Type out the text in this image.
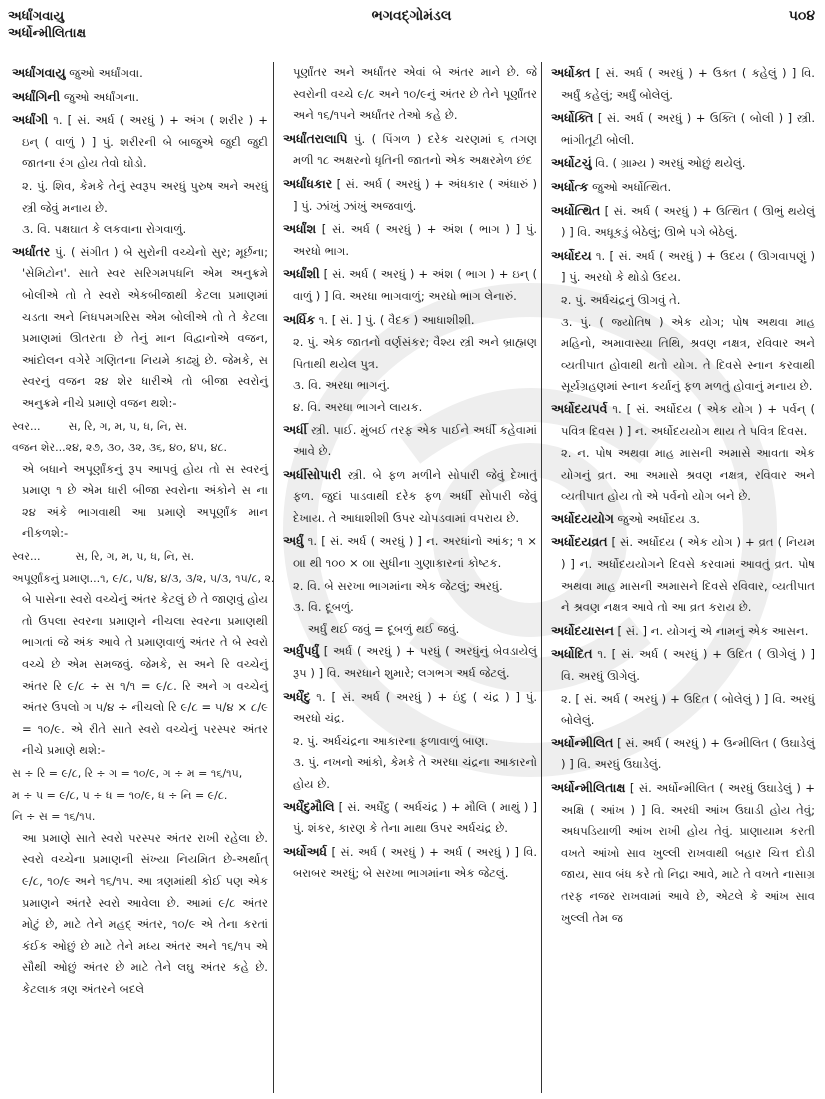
અર્ધાંગવાયુ
અર્ધોન્મીલિતાક્ષ
ભગવદ્ગોમંડલ	૫૦૪

અર્ધાંગવાયુ જુઓ અર્ધાંગવા.

અર્ધાંગિની જુઓ અર્ધાંગના.

અર્ધાંગી ૧. [ સં. અર્ધ ( અરધું ) + અંગ ( શરીર ) + ઇન્ ( વાળું ) ] પું. શરીરની બે બાજુએ જુદી જુદી જાતના રંગ હોય તેવો ઘોડો.

૨. પું. શિવ, કેમકે તેનું સ્વરૂપ અરધું પુરુષ અને અરધું સ્ત્રી જેવું મનાય છે.

૩. વિ. પક્ષઘાત કે લકવાના રોગવાળું.

અર્ધાંતર પું. ( સંગીત ) બે સુરોની વચ્ચેનો સુર; મૂર્છના; 'સેમિટોન'. સાતે સ્વર સરિગમપધનિ એમ અનુક્રમે બોલીએ તો તે સ્વરો એકબીજાથી કેટલા પ્રમાણમાં ચડતા અને નિધપમગરિસ એમ બોલીએ તો તે કેટલા પ્રમાણમાં ઊતરતા છે તેનું માન વિદ્વાનોએ વજન, આંદોલન વગેરે ગણિતના નિયમે કાઢ્યું છે. જેમકે, સ સ્વરનું વજન ૨૪ શેર ધારીએ તો બીજા સ્વરોનું અનુક્રમે નીચે પ્રમાણે વજન થશે:-

સ્વર...        સ, રિ, ગ, મ, પ, ધ, નિ, સ.

વજન શેર...૨૪, ૨૭, ૩૦, ૩૨, ૩૬, ૪૦, ૪૫, ૪૮.

એ બધાને અપૂર્ણાંકનું રૂપ આપવું હોય તો સ સ્વરનું પ્રમાણ ૧ છે એમ ધારી બીજા સ્વરોના અંકોને સ ના ૨૪ અંકે ભાગવાથી આ પ્રમાણે અપૂર્ણાંક માન નીકળશે:-

સ્વર...          સ, રિ, ગ, મ, પ, ધ, નિ, સ.

અપૂર્ણાંકનું પ્રમાણ...૧, ૯/૮, ૫/૪, ૪/૩, ૩/૨, ૫/૩, ૧૫/૮, ૨.

બે પાસેના સ્વરો વચ્ચેનું અંતર કેટલું છે તે જાણવું હોય તો ઉપલા સ્વરના પ્રમાણને નીચલા સ્વરના પ્રમાણથી ભાગતાં જે અંક આવે તે પ્રમાણવાળું અંતર તે બે સ્વરો વચ્ચે છે એમ સમજવું. જેમકે, સ અને રિ વચ્ચેનું અંતર રિ ૯/૮ ÷ સ ૧/૧ = ૯/૮. રિ અને ગ વચ્ચેનું અંતર ઉપલો ગ ૫/૪ ÷ નીચલો રિ ૯/૮ = ૫/૪ × ૮/૯ = ૧૦/૯. એ રીતે સાતે સ્વરો વચ્ચેનું પરસ્પર અંતર નીચે પ્રમાણે થશે:-

સ ÷ રિ = ૯/૮, રિ ÷ ગ = ૧૦/૯, ગ ÷ મ = ૧૬/૧૫,

મ ÷ પ = ૯/૮, પ ÷ ધ = ૧૦/૯, ધ ÷ નિ = ૯/૮.

નિ ÷ સ = ૧૬/૧૫.

આ પ્રમાણે સાતે સ્વરો પરસ્પર અંતર રાખી રહેલા છે. સ્વરો વચ્ચેના પ્રમાણની સંખ્યા નિયમિત છે-અર્થાત્ ૯/૮, ૧૦/૯ અને ૧૬/૧૫. આ ત્રણમાંથી કોઈ પણ એક પ્રમાણને અંતરે સ્વરો આવેલા છે. આમાં ૯/૮ અંતર મોટું છે, માટે તેને મહદ્ અંતર, ૧૦/૯ એ તેના કરતાં કંઈક ઓછું છે માટે તેને મધ્ય અંતર અને ૧૬/૧૫ એ સૌથી ઓછું અંતર છે માટે તેને લઘુ અંતર કહે છે. કેટલાક ત્રણ અંતરને બદલે

પૂર્ણાંતર અને અર્ધાંતર એવાં બે અંતર માને છે. જે સ્વરોની વચ્ચે ૯/૮ અને ૧૦/૯નું અંતર છે તેને પૂર્ણાંતર અને ૧૬/૧૫ને અર્ધાંતર તેઓ કહે છે.

અર્ધાંતરાલાપિ પું. ( પિંગળ ) દરેક ચરણમાં ૬ તગણ મળી ૧૮ અક્ષરનો ધૃતિની જાતનો એક અક્ષરમેળ છંદ

અર્ધાંધકાર [ સં. અર્ધ ( અરધું ) + અંધકાર ( અંધારું ) ] પું. ઝાંખું ઝાંખું અજવાળું.

અર્ધાંશ [ સં. અર્ધ ( અરધું ) + અંશ ( ભાગ ) ] પું. અરધો ભાગ.

અર્ધાંશી [ સં. અર્ધ ( અરધું ) + અંશ ( ભાગ ) + ઇન્ ( વાળું ) ] વિ. અરધા ભાગવાળું; અરધો ભાગ લેનારું.

અર્ધિક ૧. [ સં. ] પું. ( વૈદક ) આધાશીશી.

૨. પું. એક જાતનો વર્ણસંકર; વૈશ્ય સ્ત્રી અને બ્રાહ્મણ પિતાથી થયેલ પુત્ર.

૩. વિ. અરધા ભાગનું.

૪. વિ. અરધા ભાગને લાયક.

અર્ધી સ્ત્રી. પાઈ. મુંબઈ તરફ એક પાઈને અર્ધી કહેવામાં આવે છે.

અર્ધીસોપારી સ્ત્રી. બે ફળ મળીને સોપારી જેવું દેખાતું ફળ. જુદાં પાડવાથી દરેક ફળ અર્ધી સોપારી જેવું દેખાય. તે આધાશીશી ઉપર ચોપડવામાં વપરાય છે.

અર્ધું ૧. [ સં. અર્ધ ( અરધું ) ] ન. અરધાંનો આંક; ૧ × ૦॥ થી ૧૦૦ × ૦॥ સુધીના ગુણાકારનાં કોષ્ટક.

૨. વિ. બે સરખા ભાગમાંના એક જેટલું; અરધું.

૩. વિ. દૂબળું.

અર્ધું થઈ જવું = દૂબળું થઈ જવું.

અર્ધુંપર્ધું [ અર્ધ ( અરધું ) + પરધું ( અરધુંનું બેવડાયેલું રૂપ ) ] વિ. અરધાને શુમારે; લગભગ અર્ધ જેટલું.

અર્ધેંદુ ૧. [ સં. અર્ધ ( અરધું ) + ઇંદુ ( ચંદ્ર ) ] પું. અરધો ચંદ્ર.

૨. પું. અર્ધચંદ્રના આકારના ફળાવાળું બાણ.

૩. પું. નખનો આંકો, કેમકે તે અરધા ચંદ્રના આકારનો હોય છે.

અર્ધેંદુમૌલિ [ સં. અર્ધેંદુ ( અર્ધચંદ્ર ) + મૌલિ ( માથું ) ] પું. શંકર, કારણ કે તેના માથા ઉપર અર્ધચંદ્ર છે.

અર્ધોઅર્ધ [ સં. અર્ધ ( અરધું ) + અર્ધ ( અરધું ) ] વિ. બરાબર અરધું; બે સરખા ભાગમાંના એક જેટલું.

અર્ધોક્ત [ સં. અર્ધ ( અરધું ) + ઉક્ત ( કહેલું ) ] વિ. અર્ધું કહેલું; અર્ધું બોલેલું.

અર્ધોક્તિ [ સં. અર્ધ ( અરધું ) + ઉક્તિ ( બોલી ) ] સ્ત્રી. ભાંગીતૂટી બોલી.

અર્ધોટચું વિ. ( ગ્રામ્ય ) અરધું ઓછું થયેલું.

અર્ધોત્ક જુઓ અર્ધોત્થિત.

અર્ધોત્થિત [ સં. અર્ધ ( અરધું ) + ઉત્થિત ( ઊભું થયેલું ) ] વિ. અધૂકડું બેઠેલું; ઊભે પગે બેઠેલું.

અર્ધોદય ૧. [ સં. અર્ધ ( અરધું ) + ઉદય ( ઊગવાપણું ) ] પું. અરધો કે થોડો ઉદય.

૨. પું. અર્ધચંદ્રનું ઊગવું તે.

૩. પું. ( જ્યોતિષ ) એક યોગ; પોષ અથવા માહ મહિનો, અમાવાસ્યા તિથિ, શ્રવણ નક્ષત્ર, રવિવાર અને વ્યતીપાત હોવાથી થતો યોગ. તે દિવસે સ્નાન કરવાથી સૂર્યગ્રહણમાં સ્નાન કર્યાનું ફળ મળતું હોવાનું મનાય છે.

અર્ધોદયપર્વ ૧. [ સં. અર્ધોદય ( એક યોગ ) + પર્વન્ ( પવિત્ર દિવસ ) ] ન. અર્ધોદયયોગ થાય તે પવિત્ર દિવસ.

૨. ન. પોષ અથવા માહ માસની અમાસે આવતા એક યોગનું વ્રત. આ અમાસે શ્રવણ નક્ષત્ર, રવિવાર અને વ્યતીપાત હોય તો એ પર્વનો યોગ બને છે.

અર્ધોદયયોગ જુઓ અર્ધોદય ૩.

અર્ધોદયવ્રત [ સં. અર્ધોદય ( એક યોગ ) + વ્રત ( નિયમ ) ] ન. અર્ધોદયયોગને દિવસે કરવામાં આવતું વ્રત. પોષ અથવા માહ માસની અમાસને દિવસે રવિવાર, વ્યતીપાત ને શ્રવણ નક્ષત્ર આવે તો આ વ્રત કરાય છે.

અર્ધોદયાસન [ સં. ] ન. યોગનું એ નામનું એક આસન.

અર્ધોદિત ૧. [ સં. અર્ધ ( અરધું ) + ઉદિત ( ઊગેલું ) ] વિ. અરધું ઊગેલું.

૨. [ સં. અર્ધ ( અરધું ) + ઉદિત ( બોલેલું ) ] વિ. અરધું બોલેલું.

અર્ધોન્મીલિત [ સં. અર્ધ ( અરધું ) + ઉન્મીલિત ( ઉઘાડેલું ) ] વિ. અરધું ઉઘાડેલું.

અર્ધોન્મીલિતાક્ષ [ સં. અર્ધોન્મીલિત ( અરધું ઉઘાડેલું ) + અક્ષિ ( આંખ ) ] વિ. અરધી આંખ ઉઘાડી હોય તેવું; અધપડિયાળી આંખ રાખી હોય તેવું. પ્રાણાયામ કરતી વખતે આંખો સાવ ખુલ્લી રાખવાથી બહાર ચિત્ત દોડી જાય, સાવ બંધ કરે તો નિદ્રા આવે, માટે તે વખતે નાસાગ્ર તરફ નજર રાખવામાં આવે છે, એટલે કે આંખ સાવ ખુલ્લી તેમ જ
